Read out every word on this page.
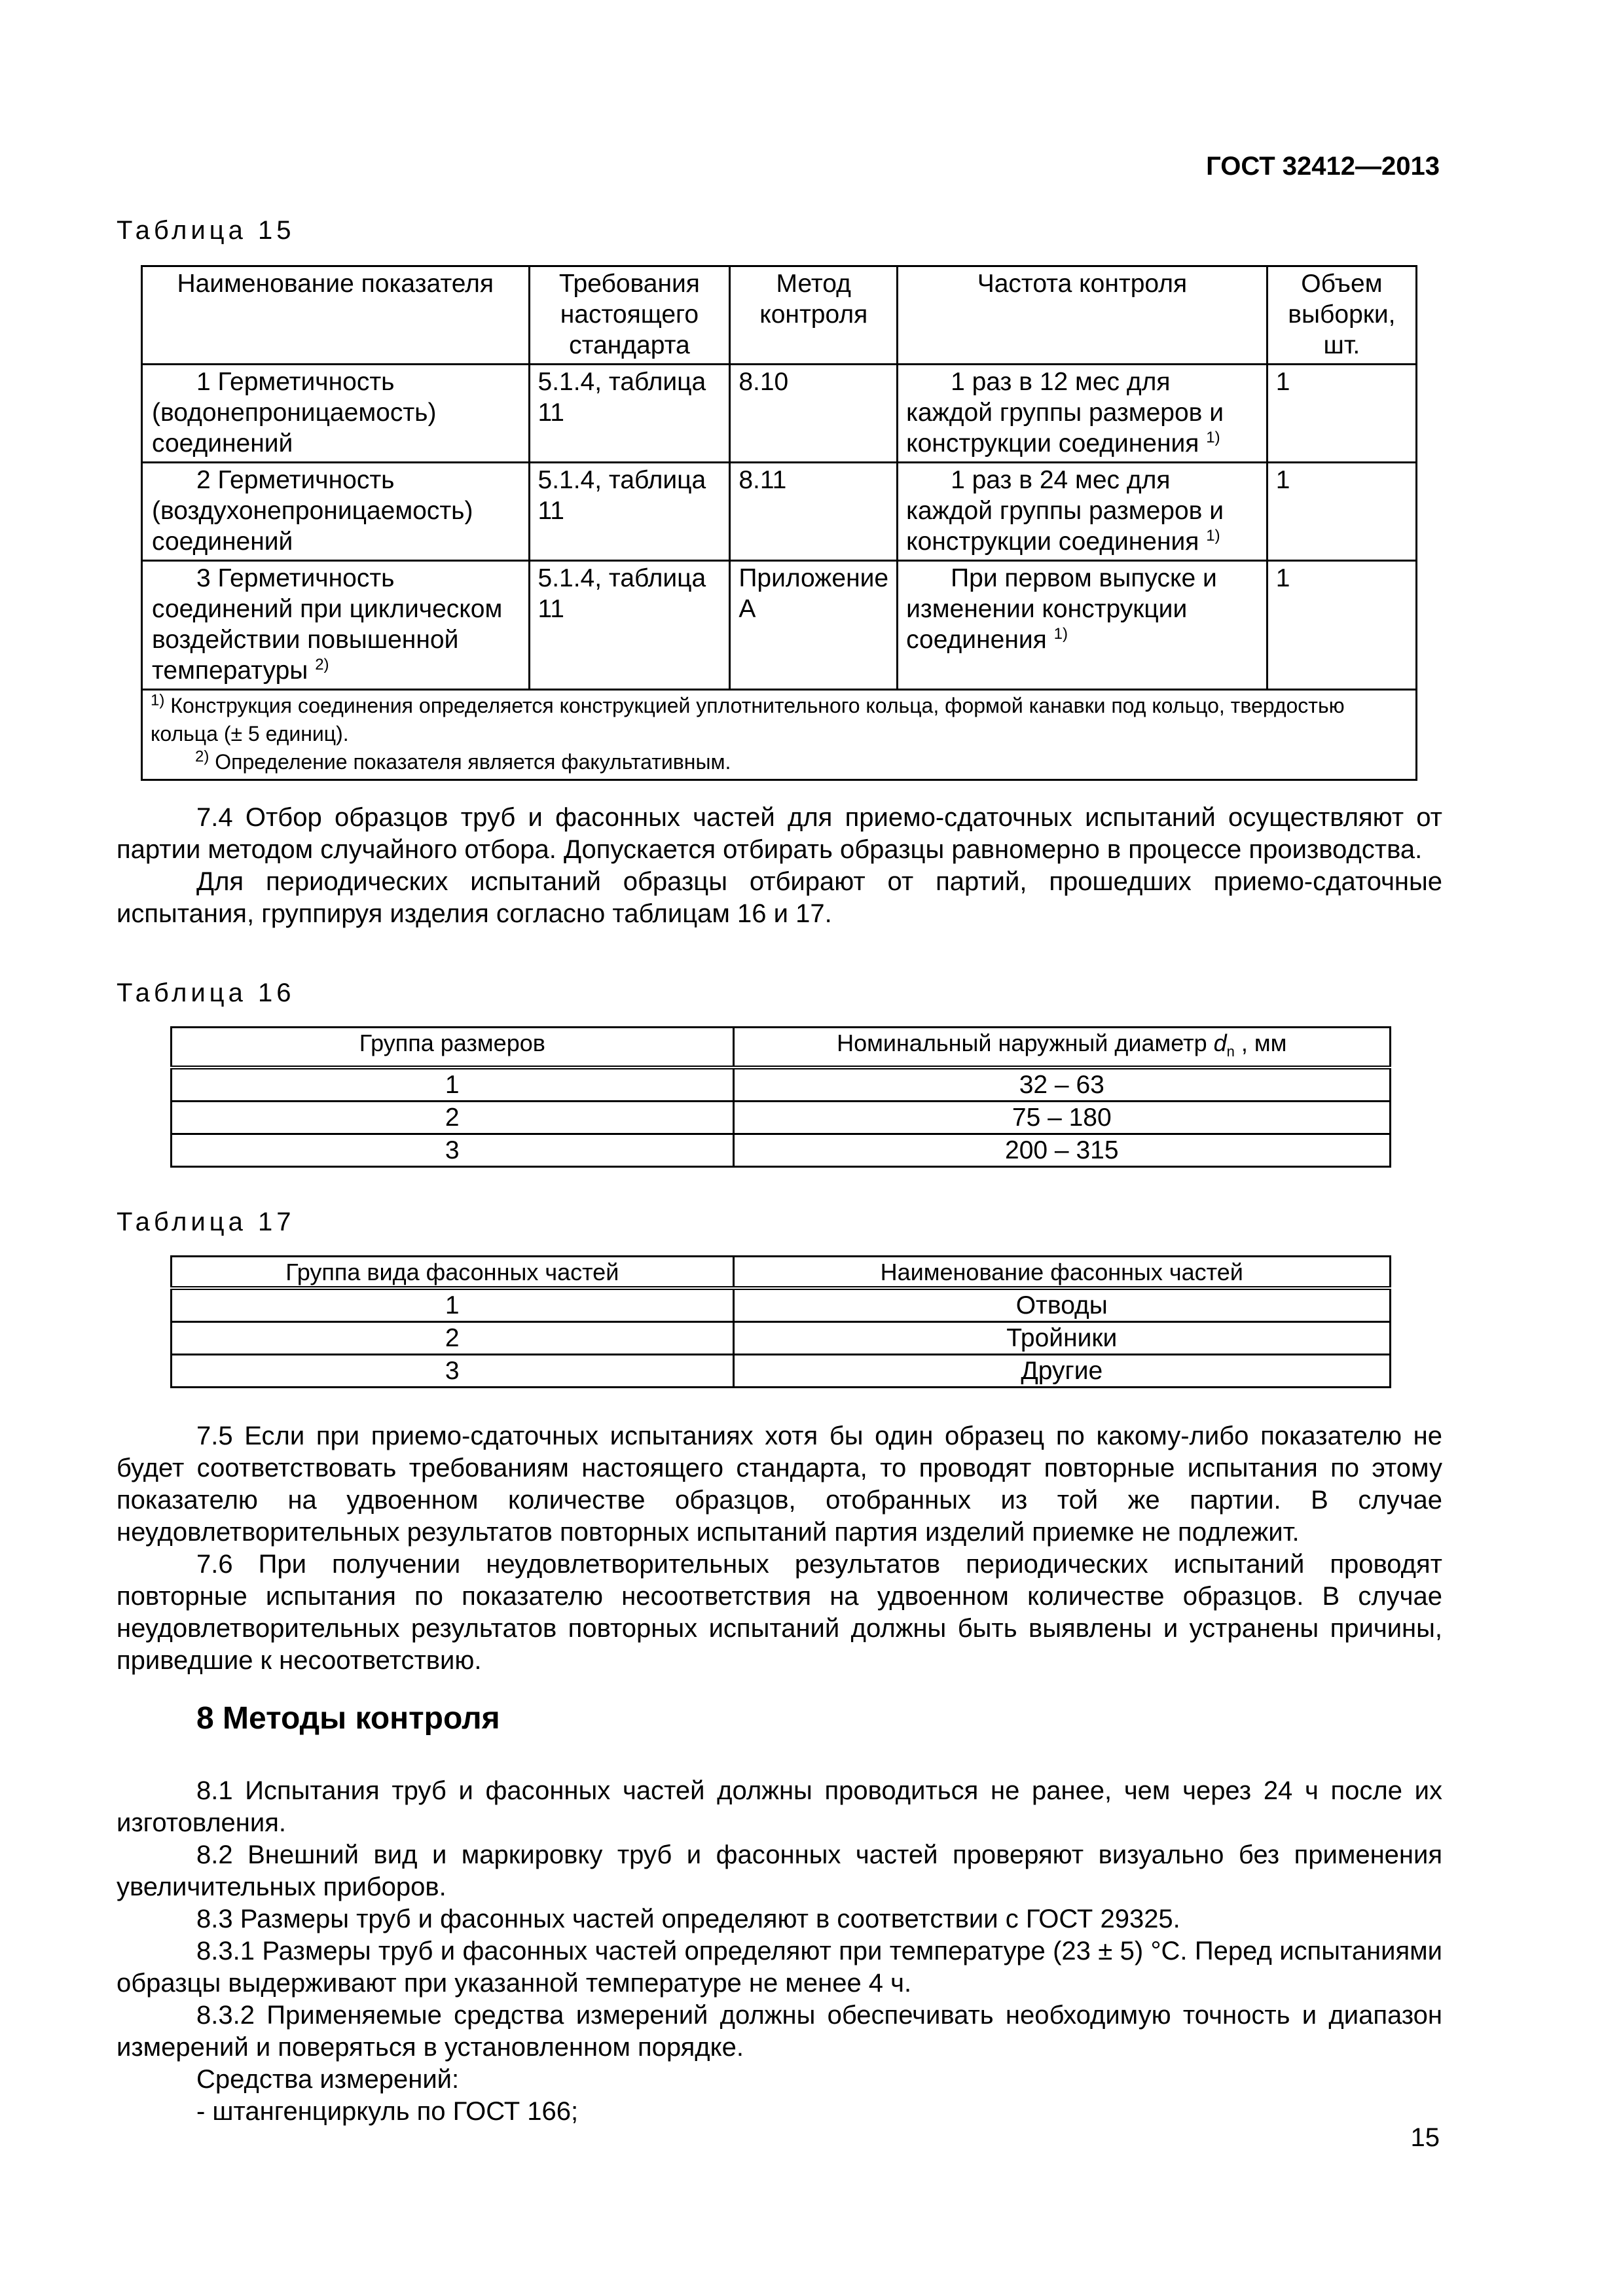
ГОСТ 32412—2013
Таблица 15
Наименование показателя	Требования настоящего стандарта	Метод контроля	Частота контроля	Объем выборки, шт.
1 Герметичность (водонепроницаемость) соединений	5.1.4, таблица 11	8.10	1 раз в 12 мес для каждой группы размеров и конструкции соединения $^{1)}$	1
2 Герметичность (воздухонепроницаемость) соединений	5.1.4, таблица 11	8.11	1 раз в 24 мес для каждой группы размеров и конструкции соединения $^{1)}$	1
3 Герметичность соединений при циклическом воздействии повышенной температуры $^{2)}$	5.1.4, таблица 11	Приложение А	При первом выпуске и изменении конструкции соединения $^{1)}$	1

$^{1)}$ Конструкция соединения определяется конструкцией уплотнительного кольца, формой канавки под кольцо, твердостью кольца (± 5 единиц).
$^{2)}$ Определение показателя является факультативным.				

7.4 Отбор образцов труб и фасонных частей для приемо-сдаточных испытаний осуществляют от партии методом случайного отбора. Допускается отбирать образцы равномерно в процессе производства.

Для периодических испытаний образцы отбирают от партий, прошедших приемо-сдаточные испытания, группируя изделия согласно таблицам 16 и 17.

Таблица 16
Группа размеров	Номинальный наружный диаметр $d_n$ , мм
1	32 – 63
2	75 – 180
3	200 – 315
Таблица 17
Группа вида фасонных частей	Наименование фасонных частей
1	Отводы
2	Тройники
3	Другие

7.5 Если при приемо-сдаточных испытаниях хотя бы один образец по какому-либо показателю не будет соответствовать требованиям настоящего стандарта, то проводят повторные испытания по этому показателю на удвоенном количестве образцов, отобранных из той же партии. В случае неудовлетворительных результатов повторных испытаний партия изделий приемке не подлежит.

7.6 При получении неудовлетворительных результатов периодических испытаний проводят повторные испытания по показателю несоответствия на удвоенном количестве образцов. В случае неудовлетворительных результатов повторных испытаний должны быть выявлены и устранены причины, приведшие к несоответствию.

8 Методы контроля

8.1 Испытания труб и фасонных частей должны проводиться не ранее, чем через 24 ч после их изготовления.

8.2 Внешний вид и маркировку труб и фасонных частей проверяют визуально без применения увеличительных приборов.

8.3 Размеры труб и фасонных частей определяют в соответствии с ГОСТ 29325.

8.3.1 Размеры труб и фасонных частей определяют при температуре (23 ± 5) °С. Перед испытаниями образцы выдерживают при указанной температуре не менее 4 ч.

8.3.2 Применяемые средства измерений должны обеспечивать необходимую точность и диапазон измерений и поверяться в установленном порядке.

Средства измерений:

- штангенциркуль по ГОСТ 166;

15
